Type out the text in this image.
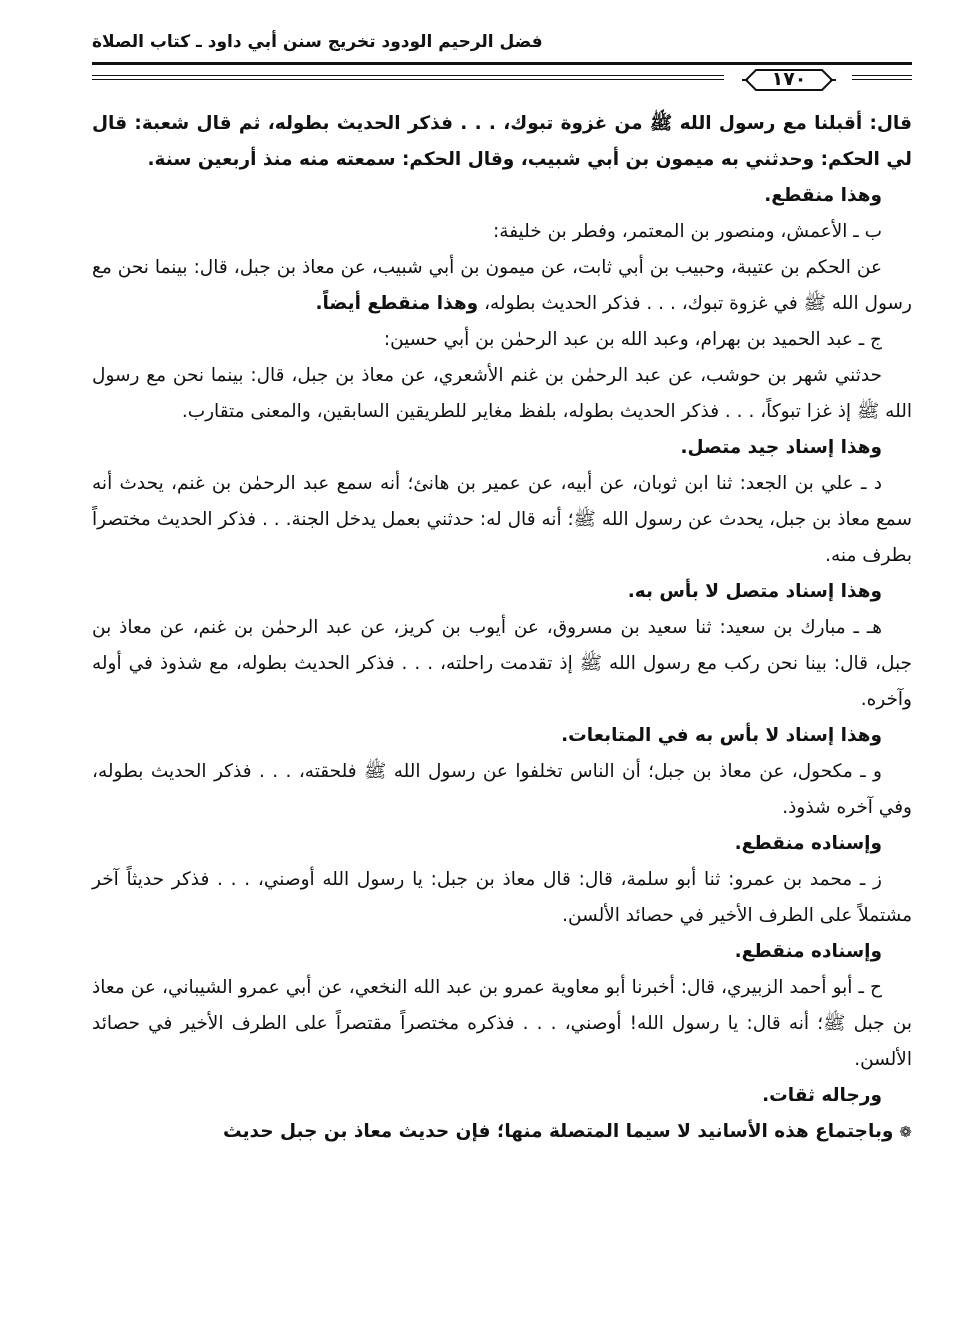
فضل الرحيم الودود تخريج سنن أبي داود ـ كتاب الصلاة
١٧٠

قال: أقبلنا مع رسول الله ﷺ من غزوة تبوك، . . . فذكر الحديث بطوله، ثم قال شعبة: قال لي الحكم: وحدثني به ميمون بن أبي شبيب، وقال الحكم: سمعته منه منذ أربعين سنة.

وهذا منقطع.

ب ـ الأعمش، ومنصور بن المعتمر، وفطر بن خليفة:

عن الحكم بن عتيبة، وحبيب بن أبي ثابت، عن ميمون بن أبي شبيب، عن معاذ بن جبل، قال: بينما نحن مع رسول الله ﷺ في غزوة تبوك، . . . فذكر الحديث بطوله، وهذا منقطع أيضاً.

ج ـ عبد الحميد بن بهرام، وعبد الله بن عبد الرحمٰن بن أبي حسين:

حدثني شهر بن حوشب، عن عبد الرحمٰن بن غنم الأشعري، عن معاذ بن جبل، قال: بينما نحن مع رسول الله ﷺ إذ غزا تبوكاً، . . . فذكر الحديث بطوله، بلفظ مغاير للطريقين السابقين، والمعنى متقارب.

وهذا إسناد جيد متصل.

د ـ علي بن الجعد: ثنا ابن ثوبان، عن أبيه، عن عمير بن هانئ؛ أنه سمع عبد الرحمٰن بن غنم، يحدث أنه سمع معاذ بن جبل، يحدث عن رسول الله ﷺ؛ أنه قال له: حدثني بعمل يدخل الجنة. . . فذكر الحديث مختصراً بطرف منه.

وهذا إسناد متصل لا بأس به.

هـ ـ مبارك بن سعيد: ثنا سعيد بن مسروق، عن أيوب بن كريز، عن عبد الرحمٰن بن غنم، عن معاذ بن جبل، قال: بينا نحن ركب مع رسول الله ﷺ إذ تقدمت راحلته، . . . فذكر الحديث بطوله، مع شذوذ في أوله وآخره.

وهذا إسناد لا بأس به في المتابعات.

و ـ مكحول، عن معاذ بن جبل؛ أن الناس تخلفوا عن رسول الله ﷺ فلحقته، . . . فذكر الحديث بطوله، وفي آخره شذوذ.

وإسناده منقطع.

ز ـ محمد بن عمرو: ثنا أبو سلمة، قال: قال معاذ بن جبل: يا رسول الله أوصني، . . . فذكر حديثاً آخر مشتملاً على الطرف الأخير في حصائد الألسن.

وإسناده منقطع.

ح ـ أبو أحمد الزبيري، قال: أخبرنا أبو معاوية عمرو بن عبد الله النخعي، عن أبي عمرو الشيباني، عن معاذ بن جبل ﷺ؛ أنه قال: يا رسول الله! أوصني، . . . فذكره مختصراً مقتصراً على الطرف الأخير في حصائد الألسن.

ورجاله ثقات.

❁وباجتماع هذه الأسانيد لا سيما المتصلة منها؛ فإن حديث معاذ بن جبل حديث
